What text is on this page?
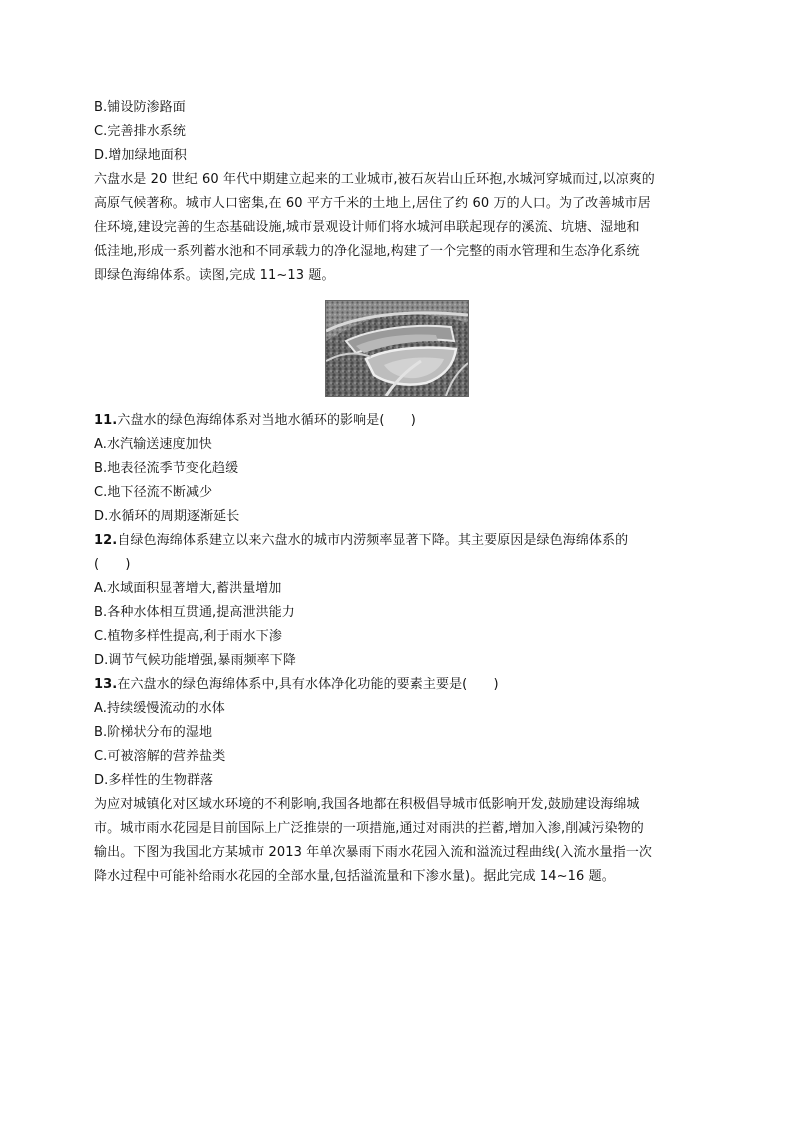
B.铺设防渗路面
C.完善排水系统
D.增加绿地面积
六盘水是 20 世纪 60 年代中期建立起来的工业城市,被石灰岩山丘环抱,水城河穿城而过,以凉爽的
高原气候著称。城市人口密集,在 60 平方千米的土地上,居住了约 60 万的人口。为了改善城市居
住环境,建设完善的生态基础设施,城市景观设计师们将水城河串联起现存的溪流、坑塘、湿地和
低洼地,形成一系列蓄水池和不同承载力的净化湿地,构建了一个完整的雨水管理和生态净化系统
即绿色海绵体系。读图,完成 11~13 题。
11.六盘水的绿色海绵体系对当地水循环的影响是(　　)
A.水汽输送速度加快
B.地表径流季节变化趋缓
C.地下径流不断减少
D.水循环的周期逐渐延长
12.自绿色海绵体系建立以来六盘水的城市内涝频率显著下降。其主要原因是绿色海绵体系的
(　　)
A.水域面积显著增大,蓄洪量增加
B.各种水体相互贯通,提高泄洪能力
C.植物多样性提高,利于雨水下渗
D.调节气候功能增强,暴雨频率下降
13.在六盘水的绿色海绵体系中,具有水体净化功能的要素主要是(　　)
A.持续缓慢流动的水体
B.阶梯状分布的湿地
C.可被溶解的营养盐类
D.多样性的生物群落
为应对城镇化对区域水环境的不利影响,我国各地都在积极倡导城市低影响开发,鼓励建设海绵城
市。城市雨水花园是目前国际上广泛推崇的一项措施,通过对雨洪的拦蓄,增加入渗,削减污染物的
输出。下图为我国北方某城市 2013 年单次暴雨下雨水花园入流和溢流过程曲线(入流水量指一次
降水过程中可能补给雨水花园的全部水量,包括溢流量和下渗水量)。据此完成 14~16 题。
